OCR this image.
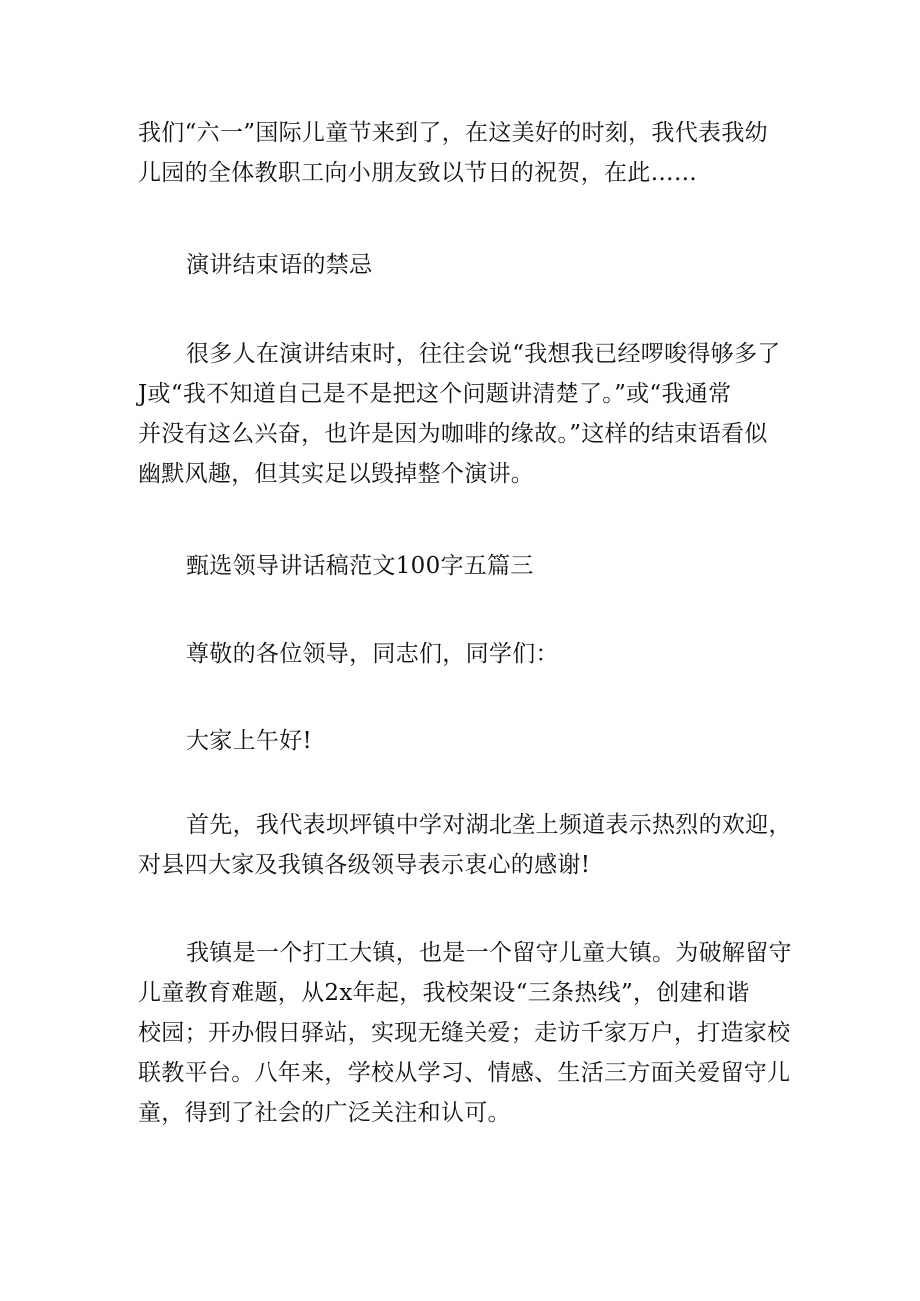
我们“六一”国际儿童节来到了，在这美好的时刻，我代表我幼
儿园的全体教职工向小朋友致以节日的祝贺，在此……

演讲结束语的禁忌

很多人在演讲结束时，往往会说“我想我已经啰唆得够多了
J或“我不知道自己是不是把这个问题讲清楚了。”或“我通常
并没有这么兴奋，也许是因为咖啡的缘故。”这样的结束语看似
幽默风趣，但其实足以毁掉整个演讲。

甄选领导讲话稿范文100字五篇三

尊敬的各位领导，同志们，同学们：

大家上午好!

首先，我代表坝坪镇中学对湖北垄上频道表示热烈的欢迎，
对县四大家及我镇各级领导表示衷心的感谢!

我镇是一个打工大镇，也是一个留守儿童大镇。为破解留守
儿童教育难题，从2x年起，我校架设“三条热线”，创建和谐
校园；开办假日驿站，实现无缝关爱；走访千家万户，打造家校
联教平台。八年来，学校从学习、情感、生活三方面关爱留守儿
童，得到了社会的广泛关注和认可。
